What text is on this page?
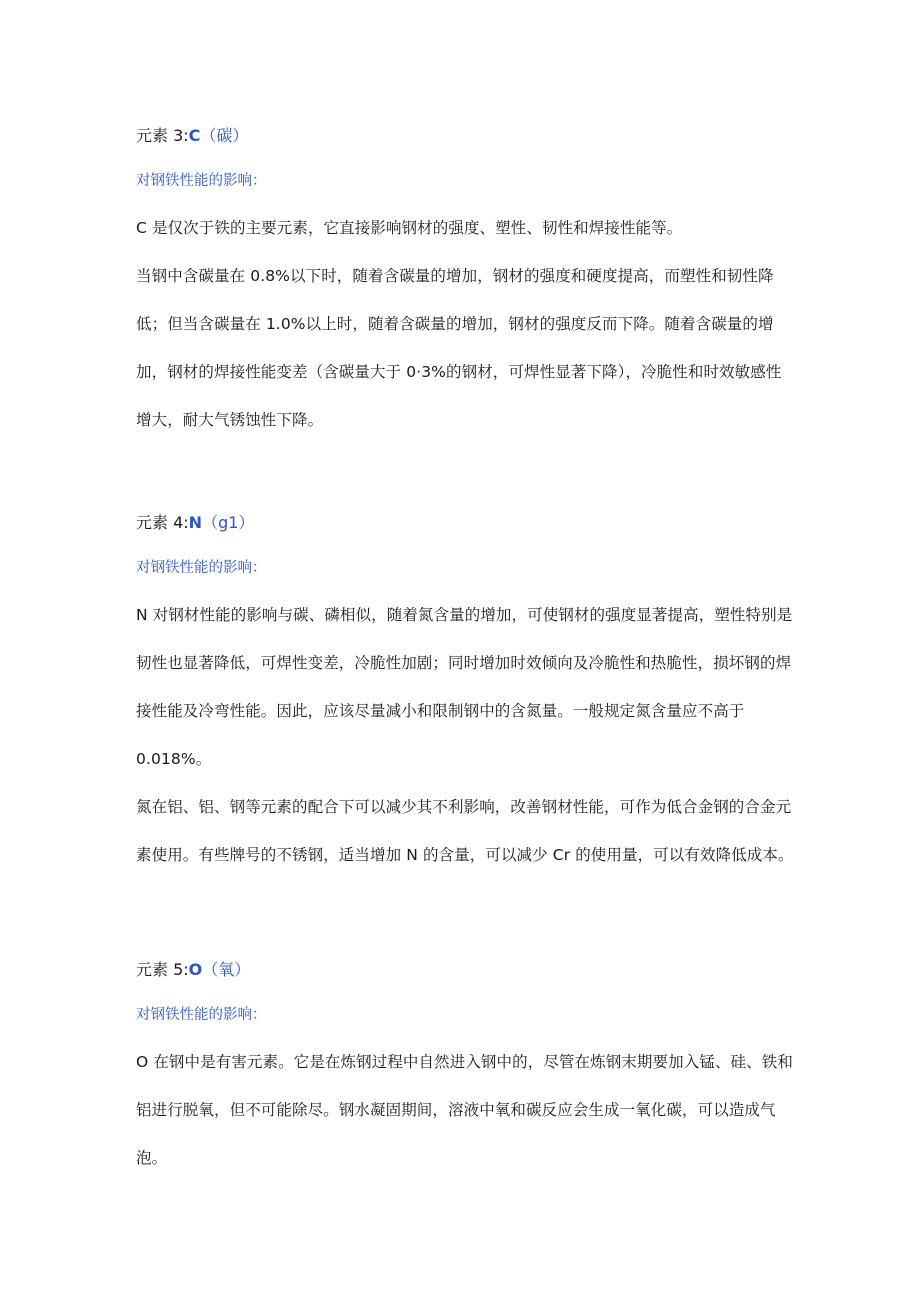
元素 3:C（碳）
对钢铁性能的影响：

C 是仅次于铁的主要元素，它直接影响钢材的强度、塑性、韧性和焊接性能等。

当钢中含碳量在 0.8%以下时，随着含碳量的增加，钢材的强度和硬度提高，而塑性和韧性降低；但当含碳量在 1.0%以上时，随着含碳量的增加，钢材的强度反而下降。随着含碳量的增加，钢材的焊接性能变差（含碳量大于 0·3%的钢材，可焊性显著下降），冷脆性和时效敏感性增大，耐大气锈蚀性下降。

元素 4:N（g1）
对钢铁性能的影响：

N 对钢材性能的影响与碳、磷相似，随着氮含量的增加，可使钢材的强度显著提高，塑性特别是韧性也显著降低，可焊性变差，冷脆性加剧；同时增加时效倾向及冷脆性和热脆性，损坏钢的焊接性能及冷弯性能。因此，应该尽量减小和限制钢中的含氮量。一般规定氮含量应不高于 0.018%。

氮在铝、铝、钢等元素的配合下可以减少其不利影响，改善钢材性能，可作为低合金钢的合金元素使用。有些牌号的不锈钢，适当增加 N 的含量，可以减少 Cr 的使用量，可以有效降低成本。

元素 5:O（氧）
对钢铁性能的影响：

O 在钢中是有害元素。它是在炼钢过程中自然进入钢中的，尽管在炼钢末期要加入锰、硅、铁和铝进行脱氧，但不可能除尽。钢水凝固期间，溶液中氧和碳反应会生成一氧化碳，可以造成气泡。
